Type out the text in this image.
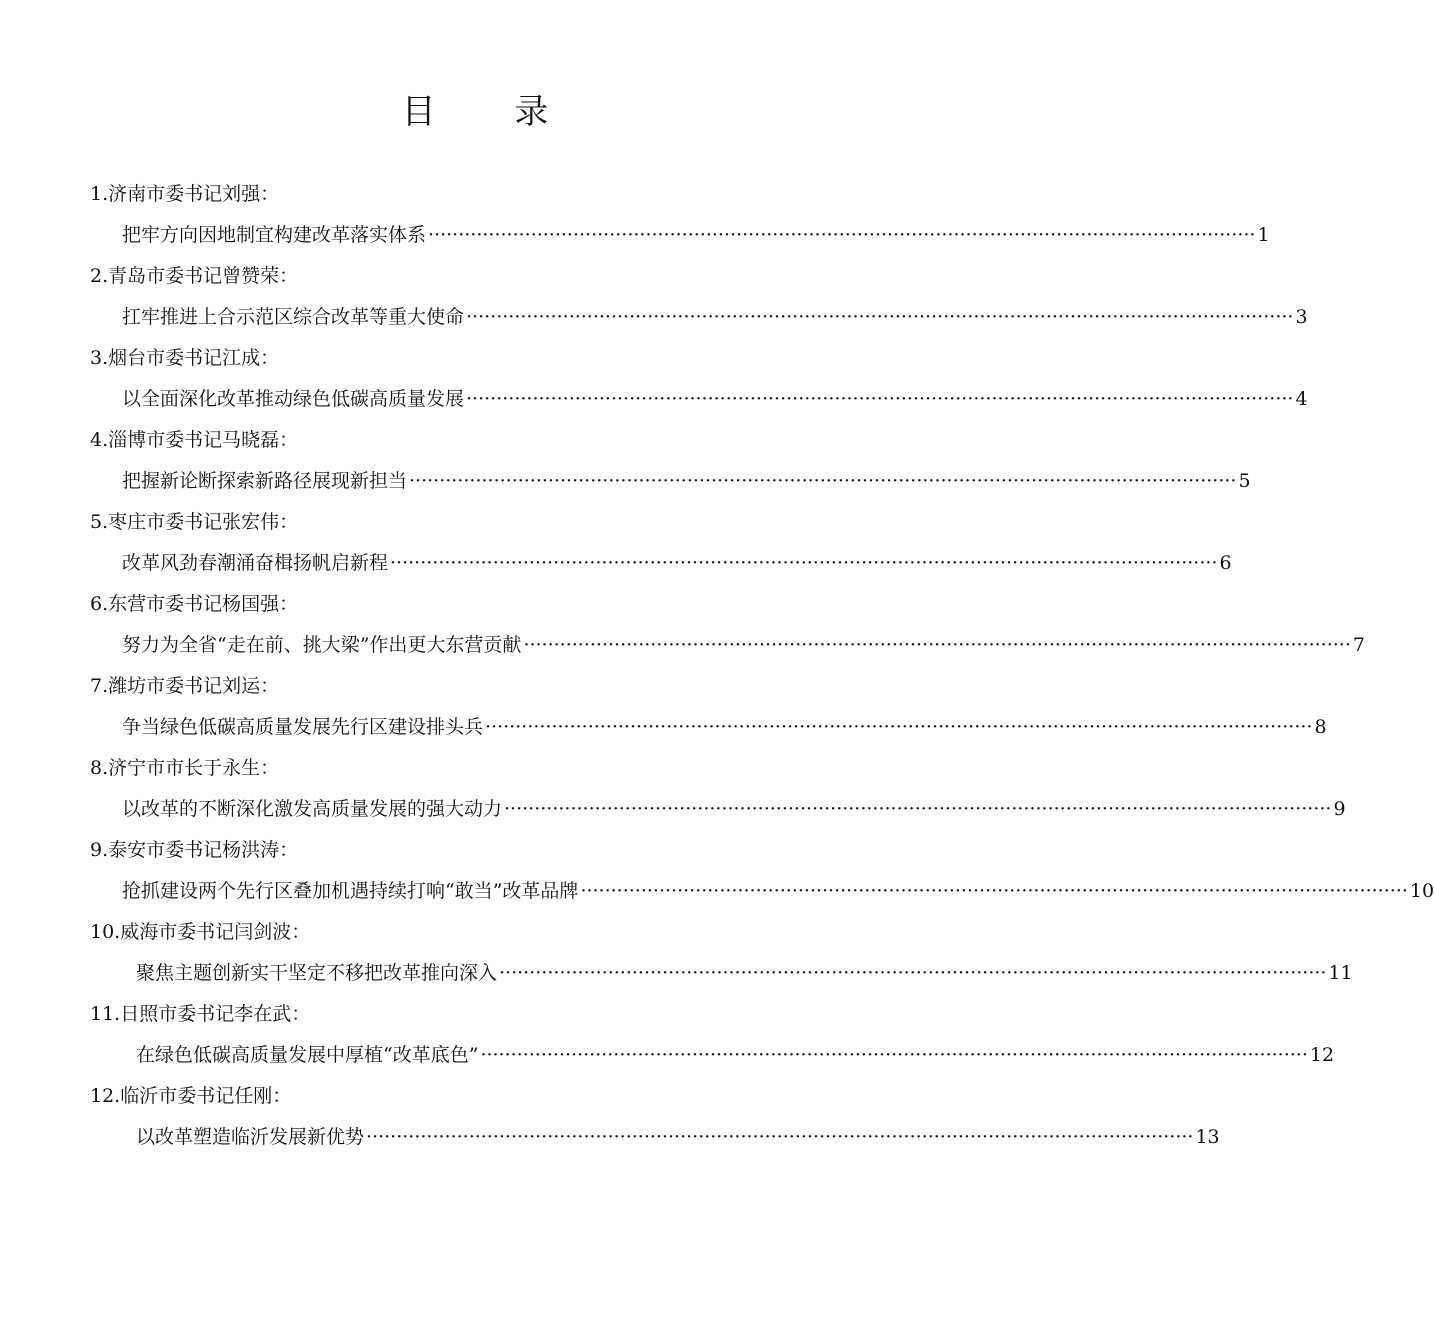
目 录
1.济南市委书记刘强：
把牢方向因地制宜构建改革落实体系 ········································································································································· 1
2.青岛市委书记曾赞荣：
扛牢推进上合示范区综合改革等重大使命 ········································································································································· 3
3.烟台市委书记江成：
以全面深化改革推动绿色低碳高质量发展 ········································································································································· 4
4.淄博市委书记马晓磊：
把握新论断探索新路径展现新担当 ········································································································································· 5
5.枣庄市委书记张宏伟：
改革风劲春潮涌奋楫扬帆启新程 ········································································································································· 6
6.东营市委书记杨国强：
努力为全省“走在前、挑大梁”作出更大东营贡献 ········································································································································· 7
7.潍坊市委书记刘运：
争当绿色低碳高质量发展先行区建设排头兵 ········································································································································· 8
8.济宁市市长于永生：
以改革的不断深化激发高质量发展的强大动力 ········································································································································· 9
9.泰安市委书记杨洪涛：
抢抓建设两个先行区叠加机遇持续打响“敢当”改革品牌 ········································································································································· 10
10.威海市委书记闫剑波：
聚焦主题创新实干坚定不移把改革推向深入 ········································································································································· 11
11.日照市委书记李在武：
在绿色低碳高质量发展中厚植“改革底色” ········································································································································· 12
12.临沂市委书记任刚：
以改革塑造临沂发展新优势 ········································································································································· 13
